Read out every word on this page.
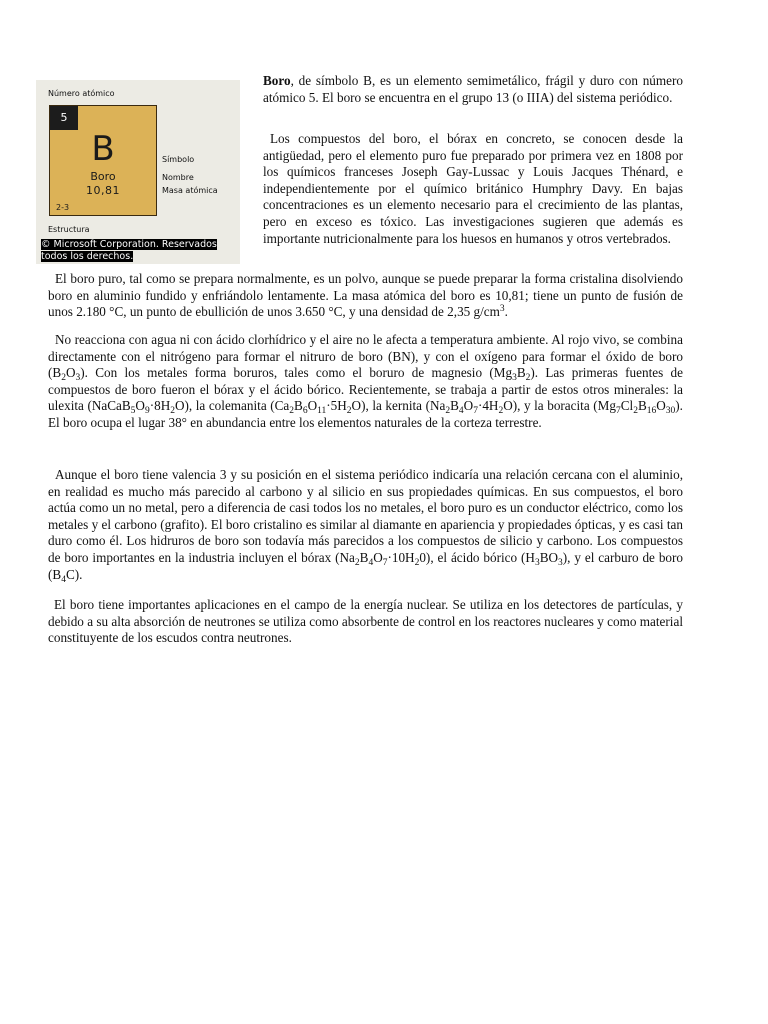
Número atómico
5
B
Boro
10,81
2-3
Símbolo
Nombre
Masa atómica
Estructura
© Microsoft Corporation. Reservados
todos los derechos.

Boro, de símbolo B, es un elemento semimetálico, frágil y duro con número atómico 5. El boro se encuentra en el grupo 13 (o IIIA) del sistema periódico.

Los compuestos del boro, el bórax en concreto, se conocen desde la antigüedad, pero el elemento puro fue preparado por primera vez en 1808 por los químicos franceses Joseph Gay-Lussac y Louis Jacques Thénard, e independientemente por el químico británico Humphry Davy. En bajas concentraciones es un elemento necesario para el crecimiento de las plantas, pero en exceso es tóxico. Las investigaciones sugieren que además es importante nutricionalmente para los huesos en humanos y otros vertebrados.

El boro puro, tal como se prepara normalmente, es un polvo, aunque se puede preparar la forma cristalina disolviendo boro en aluminio fundido y enfriándolo lentamente. La masa atómica del boro es 10,81; tiene un punto de fusión de unos 2.180 °C, un punto de ebullición de unos 3.650 °C, y una densidad de 2,35 $g/cm^3$.

No reacciona con agua ni con ácido clorhídrico y el aire no le afecta a temperatura ambiente. Al rojo vivo, se combina directamente con el nitrógeno para formar el nitruro de boro (BN), y con el oxígeno para formar el óxido de boro $(B_2O_3)$. Con los metales forma boruros, tales como el boruro de magnesio $(Mg_3B_2)$. Las primeras fuentes de compuestos de boro fueron el bórax y el ácido bórico. Recientemente, se trabaja a partir de estos otros minerales: la ulexita $(NaCaB_5O_9\cdot 8H_2O)$, la colemanita $(Ca_2B_6O_{11}\cdot 5H_2O)$, la kernita $(Na_2B_4O_7\cdot 4H_2O)$, y la boracita $(Mg_7Cl_2B_{16}O_{30})$. El boro ocupa el lugar 38° en abundancia entre los elementos naturales de la corteza terrestre.

Aunque el boro tiene valencia 3 y su posición en el sistema periódico indicaría una relación cercana con el aluminio, en realidad es mucho más parecido al carbono y al silicio en sus propiedades químicas. En sus compuestos, el boro actúa como un no metal, pero a diferencia de casi todos los no metales, el boro puro es un conductor eléctrico, como los metales y el carbono (grafito). El boro cristalino es similar al diamante en apariencia y propiedades ópticas, y es casi tan duro como él. Los hidruros de boro son todavía más parecidos a los compuestos de silicio y carbono. Los compuestos de boro importantes en la industria incluyen el bórax $(Na_2B_4O_7\cdot 10H_20)$, el ácido bórico $(H_3BO_3)$, y el carburo de boro $(B_4C)$.

El boro tiene importantes aplicaciones en el campo de la energía nuclear. Se utiliza en los detectores de partículas, y debido a su alta absorción de neutrones se utiliza como absorbente de control en los reactores nucleares y como material constituyente de los escudos contra neutrones.
